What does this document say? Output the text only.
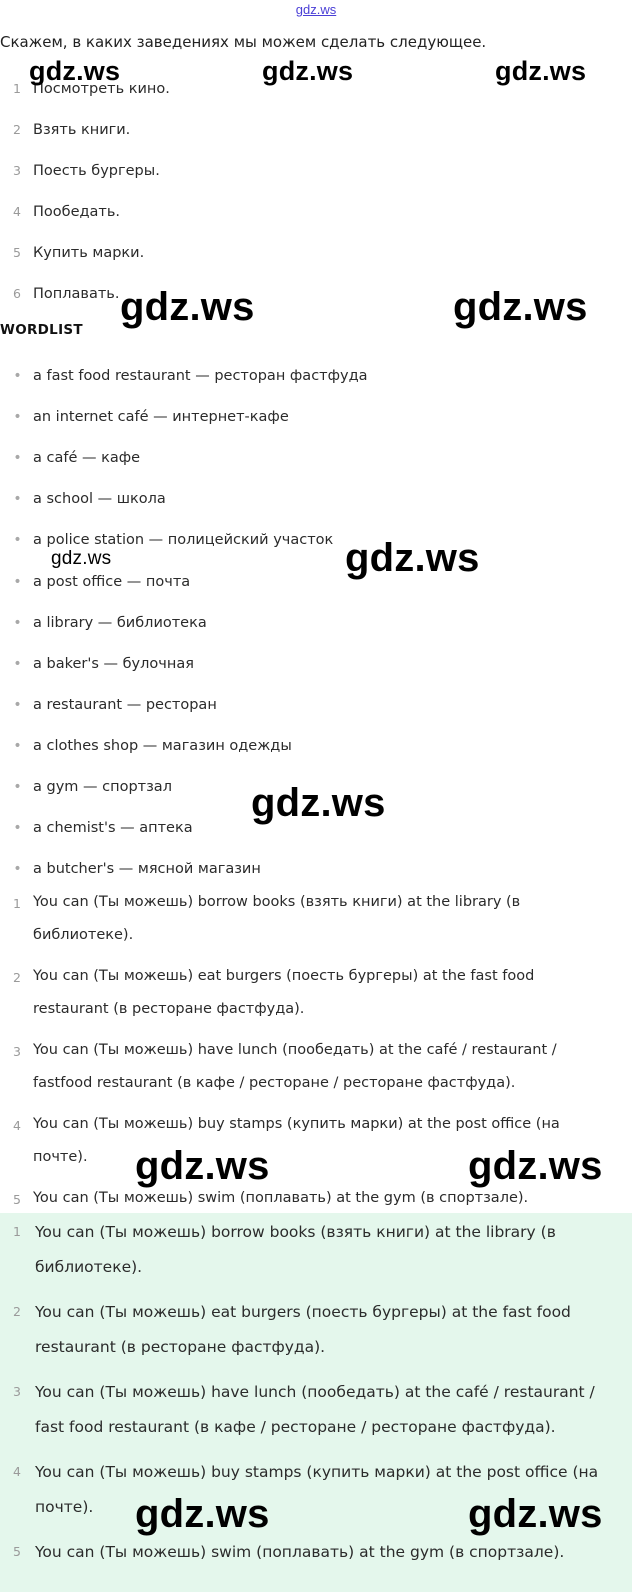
gdz.ws
Скажем, в каких заведениях мы можем сделать следующее.
1 Посмотреть кино.
2 Взять книги.
3 Поесть бургеры.
4 Пообедать.
5 Купить марки.
6 Поплавать.
WORDLIST
• a fast food restaurant — ресторан фастфуда
• an internet café — интернет-кафе
• a café — кафе
• a school — школа
• a police station — полицейский участок
• a post office — почта
• a library — библиотека
• a baker's — булочная
• a restaurant — ресторан
• a clothes shop — магазин одежды
• a gym — спортзал
• a chemist's — аптека
• a butcher's — мясной магазин
1 You can (Ты можешь) borrow books (взять книги) at the library (в библиотеке).
2 You can (Ты можешь) eat burgers (поесть бургеры) at the fast food restaurant (в ресторане фастфуда).
3 You can (Ты можешь) have lunch (пообедать) at the café / restaurant / fastfood restaurant (в кафе / ресторане / ресторане фастфуда).
4 You can (Ты можешь) buy stamps (купить марки) at the post office (на почте).
5 You can (Ты можешь) swim (поплавать) at the gym (в спортзале).
1 You can (Ты можешь) borrow books (взять книги) at the library (в библиотеке).
2 You can (Ты можешь) eat burgers (поесть бургеры) at the fast food restaurant (в ресторане фастфуда).
3 You can (Ты можешь) have lunch (пообедать) at the café / restaurant / fast food restaurant (в кафе / ресторане / ресторане фастфуда).
4 You can (Ты можешь) buy stamps (купить марки) at the post office (на почте).
5 You can (Ты можешь) swim (поплавать) at the gym (в спортзале).
gdz.ws	gdz.ws	gdz.ws
gdz.ws	gdz.ws
gdz.ws
gdz.ws
gdz.ws
gdz.ws	gdz.ws
gdz.ws	gdz.ws
